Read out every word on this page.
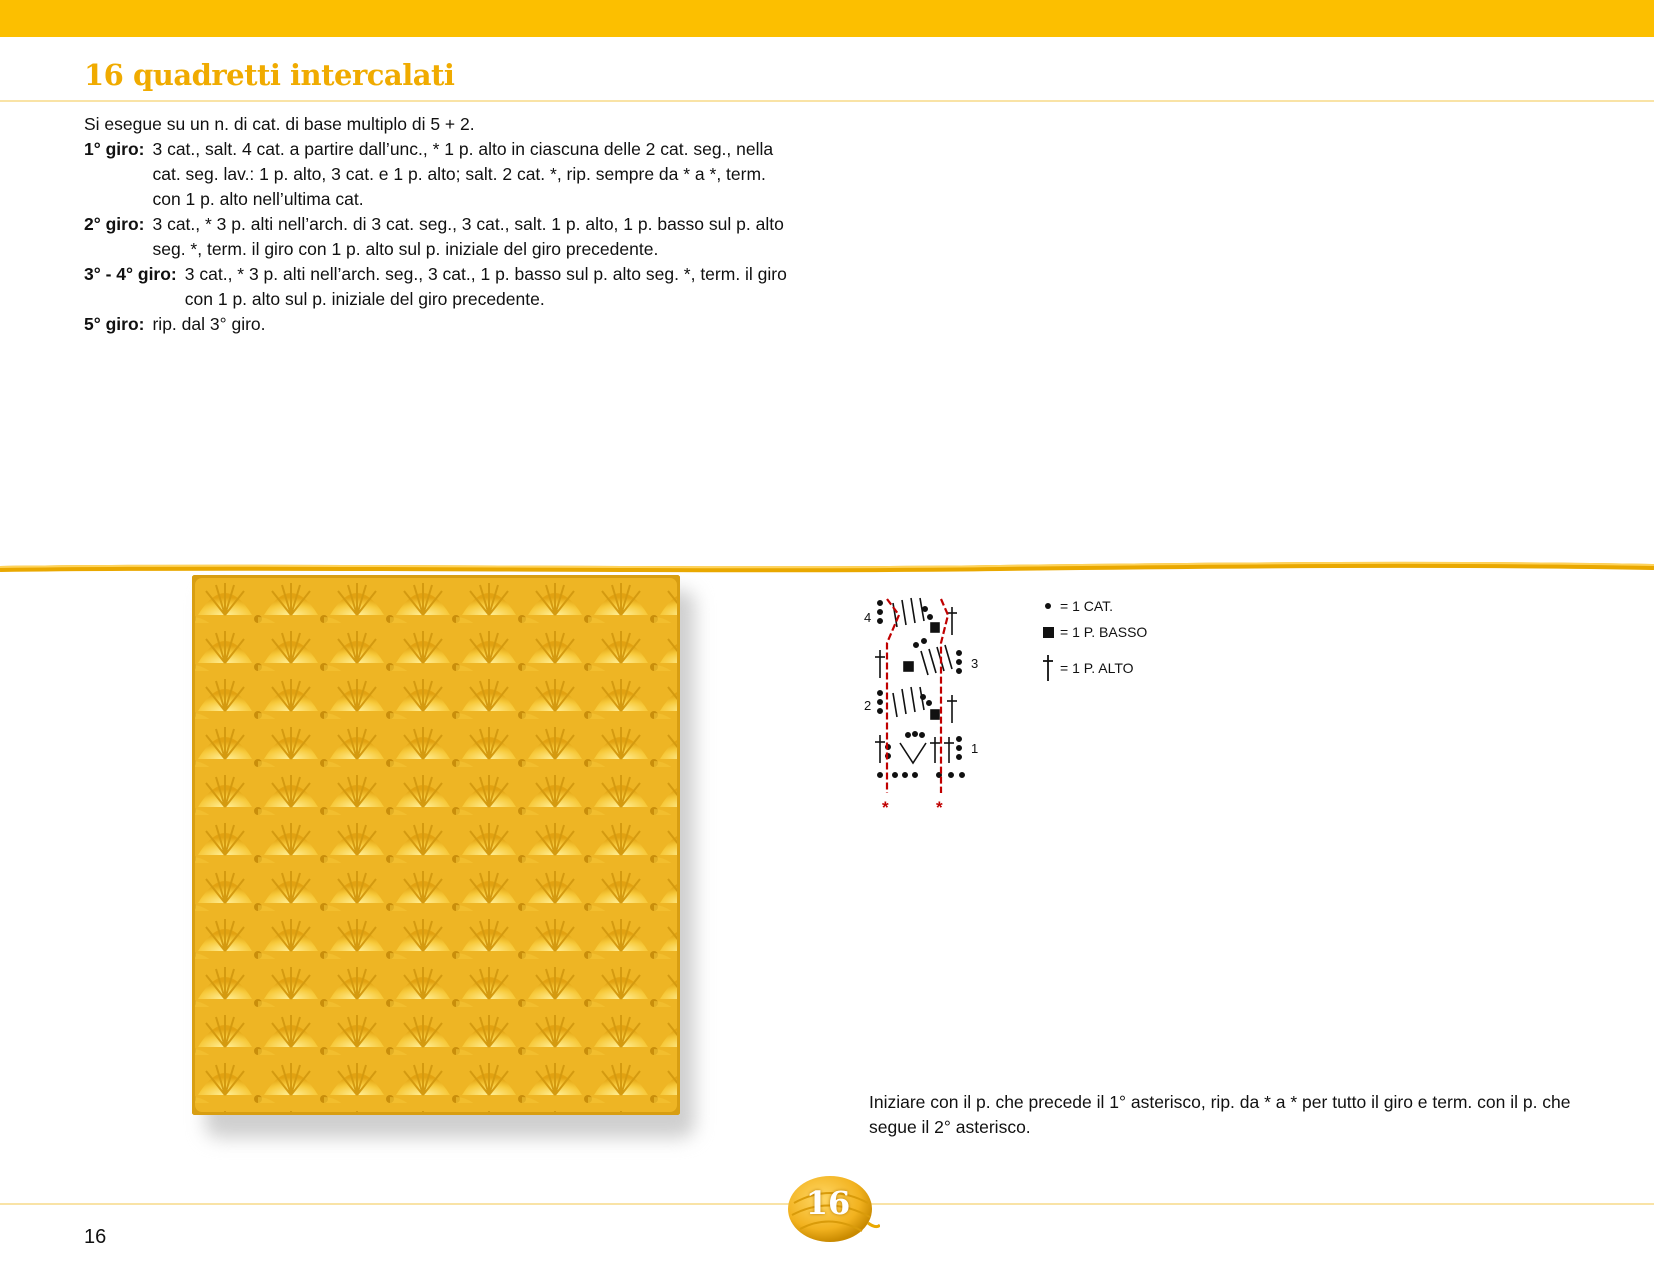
16 quadretti intercalati

Si esegue su un n. di cat. di base multiplo di 5 + 2.

1° giro: 3 cat., salt. 4 cat. a partire dall’unc., * 1 p. alto in ciascuna delle 2 cat. seg., nella cat. seg. lav.: 1 p. alto, 3 cat. e 1 p. alto; salt. 2 cat. *, rip. sempre da * a *, term. con 1 p. alto nell’ultima cat.
2° giro: 3 cat., * 3 p. alti nell’arch. di 3 cat. seg., 3 cat., salt. 1 p. alto, 1 p. basso sul p. alto seg. *, term. il giro con 1 p. alto sul p. iniziale del giro precedente.
3° - 4° giro: 3 cat., * 3 p. alti nell’arch. seg., 3 cat., 1 p. basso sul p. alto seg. *, term. il giro con 1 p. alto sul p. iniziale del giro precedente.
5° giro: rip. dal 3° giro.
4
3
2
1
*	*
= 1 CAT.
= 1 P. BASSO
= 1 P. ALTO

Iniziare con il p. che precede il 1° asterisco, rip. da * a * per tutto il giro e term. con il p. che segue il 2° asterisco.

16
16
